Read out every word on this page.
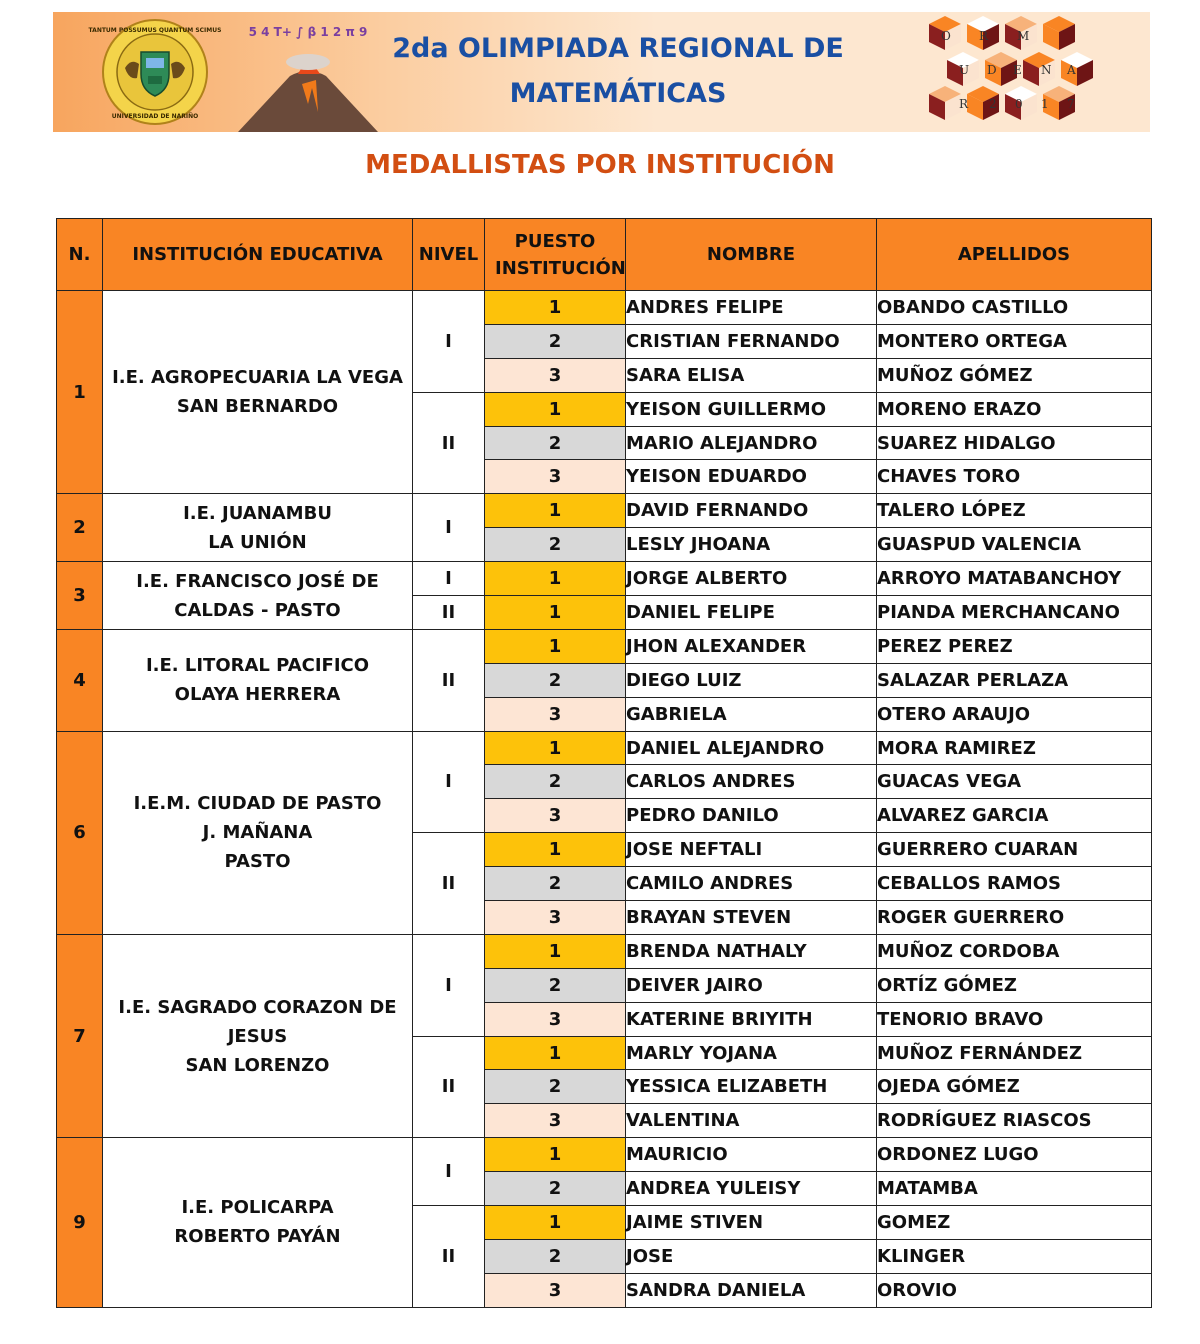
TANTUM POSSUMUS QUANTUM SCIMUS
UNIVERSIDAD DE NARIÑO
5 4 T+ ∫ β 1 2 π 9
2da OLIMPIADA REGIONAL DE
MATEMÁTICAS
O R M
U D E N A
R 2 0 1 7
MEDALLISTAS POR INSTITUCIÓN
N.	INSTITUCIÓN EDUCATIVA	NIVEL	PUESTO INSTITUCIÓN	NOMBRE	APELLIDOS
1	I.E. AGROPECUARIA LA VEGA
SAN BERNARDO	I	1	ANDRES FELIPE	OBANDO CASTILLO
			2	CRISTIAN FERNANDO	MONTERO ORTEGA
			3	SARA ELISA	MUÑOZ GÓMEZ
		II	1	YEISON GUILLERMO	MORENO ERAZO
			2	MARIO ALEJANDRO	SUAREZ HIDALGO
			3	YEISON EDUARDO	CHAVES TORO
2	I.E. JUANAMBU
LA UNIÓN	I	1	DAVID FERNANDO	TALERO LÓPEZ
			2	LESLY JHOANA	GUASPUD VALENCIA
3	I.E. FRANCISCO JOSÉ DE
CALDAS - PASTO	I	1	JORGE ALBERTO	ARROYO MATABANCHOY
		II	1	DANIEL FELIPE	PIANDA MERCHANCANO
4	I.E. LITORAL PACIFICO
OLAYA HERRERA	II	1	JHON ALEXANDER	PEREZ PEREZ
			2	DIEGO LUIZ	SALAZAR PERLAZA
			3	GABRIELA	OTERO ARAUJO
6	I.E.M. CIUDAD DE PASTO
J. MAÑANA
PASTO	I	1	DANIEL ALEJANDRO	MORA RAMIREZ
			2	CARLOS ANDRES	GUACAS VEGA
			3	PEDRO DANILO	ALVAREZ GARCIA
		II	1	JOSE NEFTALI	GUERRERO CUARAN
			2	CAMILO ANDRES	CEBALLOS RAMOS
			3	BRAYAN STEVEN	ROGER GUERRERO
7	I.E. SAGRADO CORAZON DE
JESUS
SAN LORENZO	I	1	BRENDA NATHALY	MUÑOZ CORDOBA
			2	DEIVER JAIRO	ORTÍZ GÓMEZ
			3	KATERINE BRIYITH	TENORIO BRAVO
		II	1	MARLY YOJANA	MUÑOZ FERNÁNDEZ
			2	YESSICA ELIZABETH	OJEDA GÓMEZ
			3	VALENTINA	RODRÍGUEZ RIASCOS
9	I.E. POLICARPA
ROBERTO PAYÁN	I	1	MAURICIO	ORDONEZ LUGO
			2	ANDREA YULEISY	MATAMBA
		II	1	JAIME STIVEN	GOMEZ
			2	JOSE	KLINGER
			3	SANDRA DANIELA	OROVIO
